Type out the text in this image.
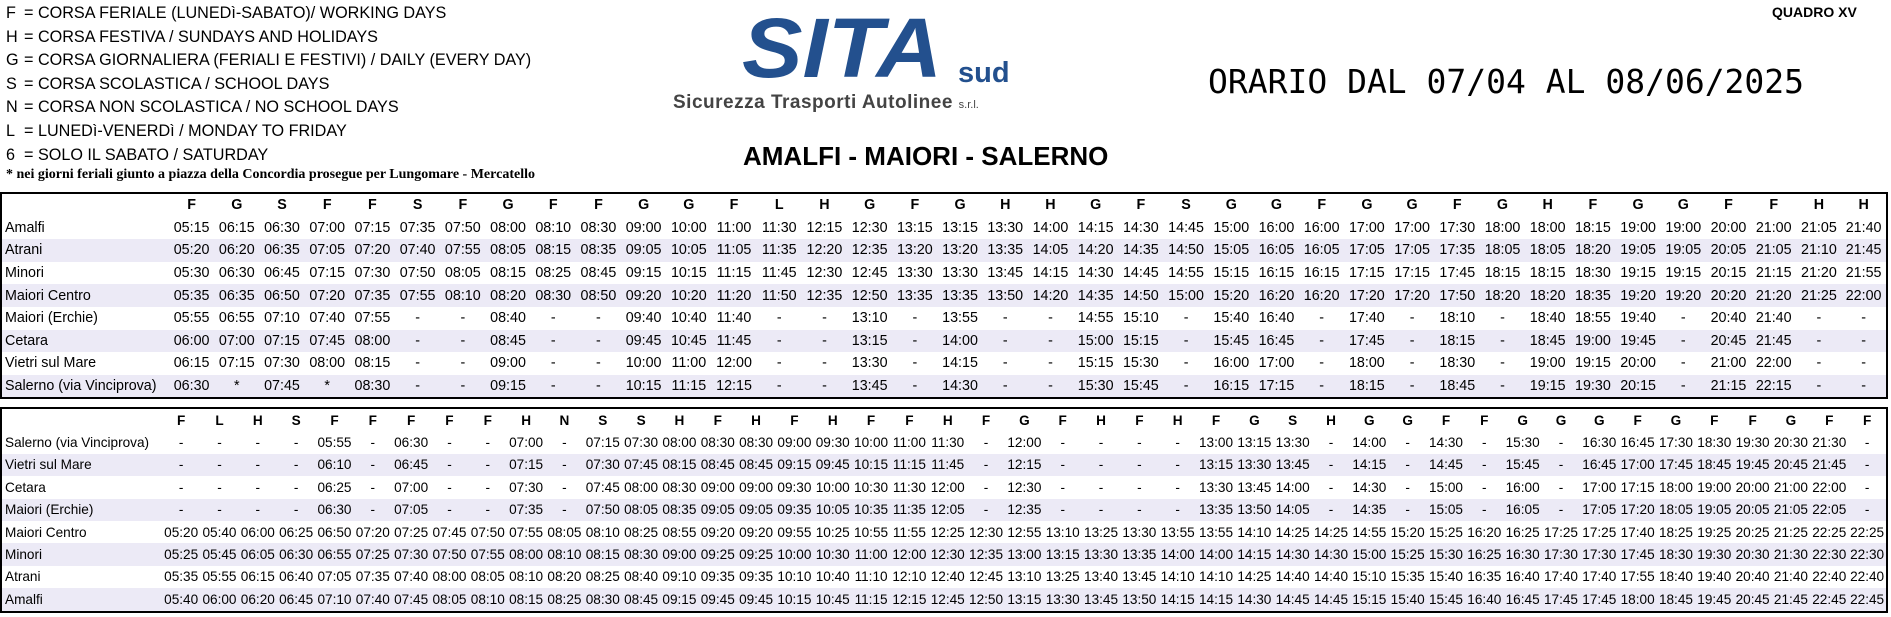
F = CORSA FERIALE (LUNEDì-SABATO)/ WORKING DAYS
H = CORSA FESTIVA / SUNDAYS AND HOLIDAYS
G = CORSA GIORNALIERA (FERIALI E FESTIVI) / DAILY (EVERY DAY)
S = CORSA SCOLASTICA / SCHOOL DAYS
N = CORSA NON SCOLASTICA / NO SCHOOL DAYS
L = LUNEDì-VENERDì / MONDAY TO FRIDAY
6 = SOLO IL SABATO / SATURDAY
* nei giorni feriali giunto a piazza della Concordia prosegue per Lungomare - Mercatello
SITA sud
Sicurezza Trasporti Autolinee s.r.l.
QUADRO XV
ORARIO DAL 07/04 AL 08/06/2025
AMALFI - MAIORI - SALERNO
	F	G	S	F	F	S	F	G	F	F	G	G	F	L	H	G	F	G	H	H	G	F	S	G	G	F	G	G	F	G	H	F	G	G	F	F	H	H
Amalfi	05:15	06:15	06:30	07:00	07:15	07:35	07:50	08:00	08:10	08:30	09:00	10:00	11:00	11:30	12:15	12:30	13:15	13:15	13:30	14:00	14:15	14:30	14:45	15:00	16:00	16:00	17:00	17:00	17:30	18:00	18:00	18:15	19:00	19:00	20:00	21:00	21:05	21:40
Atrani	05:20	06:20	06:35	07:05	07:20	07:40	07:55	08:05	08:15	08:35	09:05	10:05	11:05	11:35	12:20	12:35	13:20	13:20	13:35	14:05	14:20	14:35	14:50	15:05	16:05	16:05	17:05	17:05	17:35	18:05	18:05	18:20	19:05	19:05	20:05	21:05	21:10	21:45
Minori	05:30	06:30	06:45	07:15	07:30	07:50	08:05	08:15	08:25	08:45	09:15	10:15	11:15	11:45	12:30	12:45	13:30	13:30	13:45	14:15	14:30	14:45	14:55	15:15	16:15	16:15	17:15	17:15	17:45	18:15	18:15	18:30	19:15	19:15	20:15	21:15	21:20	21:55
Maiori Centro	05:35	06:35	06:50	07:20	07:35	07:55	08:10	08:20	08:30	08:50	09:20	10:20	11:20	11:50	12:35	12:50	13:35	13:35	13:50	14:20	14:35	14:50	15:00	15:20	16:20	16:20	17:20	17:20	17:50	18:20	18:20	18:35	19:20	19:20	20:20	21:20	21:25	22:00
Maiori (Erchie)	05:55	06:55	07:10	07:40	07:55	-	-	08:40	-	-	09:40	10:40	11:40	-	-	13:10	-	13:55	-	-	14:55	15:10	-	15:40	16:40	-	17:40	-	18:10	-	18:40	18:55	19:40	-	20:40	21:40	-	-
Cetara	06:00	07:00	07:15	07:45	08:00	-	-	08:45	-	-	09:45	10:45	11:45	-	-	13:15	-	14:00	-	-	15:00	15:15	-	15:45	16:45	-	17:45	-	18:15	-	18:45	19:00	19:45	-	20:45	21:45	-	-
Vietri sul Mare	06:15	07:15	07:30	08:00	08:15	-	-	09:00	-	-	10:00	11:00	12:00	-	-	13:30	-	14:15	-	-	15:15	15:30	-	16:00	17:00	-	18:00	-	18:30	-	19:00	19:15	20:00	-	21:00	22:00	-	-
Salerno (via Vinciprova)	06:30	*	07:45	*	08:30	-	-	09:15	-	-	10:15	11:15	12:15	-	-	13:45	-	14:30	-	-	15:30	15:45	-	16:15	17:15	-	18:15	-	18:45	-	19:15	19:30	20:15	-	21:15	22:15	-	-
	F	L	H	S	F	F	F	F	F	H	N	S	S	H	F	H	F	H	F	F	H	F	G	F	H	F	H	F	G	S	H	G	G	F	F	G	G	G	F	G	F	F	G	F	F
Salerno (via Vinciprova)	-	-	-	-	05:55	-	06:30	-	-	07:00	-	07:15	07:30	08:00	08:30	08:30	09:00	09:30	10:00	11:00	11:30	-	12:00	-	-	-	-	13:00	13:15	13:30	-	14:00	-	14:30	-	15:30	-	16:30	16:45	17:30	18:30	19:30	20:30	21:30	-
Vietri sul Mare	-	-	-	-	06:10	-	06:45	-	-	07:15	-	07:30	07:45	08:15	08:45	08:45	09:15	09:45	10:15	11:15	11:45	-	12:15	-	-	-	-	13:15	13:30	13:45	-	14:15	-	14:45	-	15:45	-	16:45	17:00	17:45	18:45	19:45	20:45	21:45	-
Cetara	-	-	-	-	06:25	-	07:00	-	-	07:30	-	07:45	08:00	08:30	09:00	09:00	09:30	10:00	10:30	11:30	12:00	-	12:30	-	-	-	-	13:30	13:45	14:00	-	14:30	-	15:00	-	16:00	-	17:00	17:15	18:00	19:00	20:00	21:00	22:00	-
Maiori (Erchie)	-	-	-	-	06:30	-	07:05	-	-	07:35	-	07:50	08:05	08:35	09:05	09:05	09:35	10:05	10:35	11:35	12:05	-	12:35	-	-	-	-	13:35	13:50	14:05	-	14:35	-	15:05	-	16:05	-	17:05	17:20	18:05	19:05	20:05	21:05	22:05	-
Maiori Centro	05:20	05:40	06:00	06:25	06:50	07:20	07:25	07:45	07:50	07:55	08:05	08:10	08:25	08:55	09:20	09:20	09:55	10:25	10:55	11:55	12:25	12:30	12:55	13:10	13:25	13:30	13:55	13:55	14:10	14:25	14:25	14:55	15:20	15:25	16:20	16:25	17:25	17:25	17:40	18:25	19:25	20:25	21:25	22:25	22:25
Minori	05:25	05:45	06:05	06:30	06:55	07:25	07:30	07:50	07:55	08:00	08:10	08:15	08:30	09:00	09:25	09:25	10:00	10:30	11:00	12:00	12:30	12:35	13:00	13:15	13:30	13:35	14:00	14:00	14:15	14:30	14:30	15:00	15:25	15:30	16:25	16:30	17:30	17:30	17:45	18:30	19:30	20:30	21:30	22:30	22:30
Atrani	05:35	05:55	06:15	06:40	07:05	07:35	07:40	08:00	08:05	08:10	08:20	08:25	08:40	09:10	09:35	09:35	10:10	10:40	11:10	12:10	12:40	12:45	13:10	13:25	13:40	13:45	14:10	14:10	14:25	14:40	14:40	15:10	15:35	15:40	16:35	16:40	17:40	17:40	17:55	18:40	19:40	20:40	21:40	22:40	22:40
Amalfi	05:40	06:00	06:20	06:45	07:10	07:40	07:45	08:05	08:10	08:15	08:25	08:30	08:45	09:15	09:45	09:45	10:15	10:45	11:15	12:15	12:45	12:50	13:15	13:30	13:45	13:50	14:15	14:15	14:30	14:45	14:45	15:15	15:40	15:45	16:40	16:45	17:45	17:45	18:00	18:45	19:45	20:45	21:45	22:45	22:45
